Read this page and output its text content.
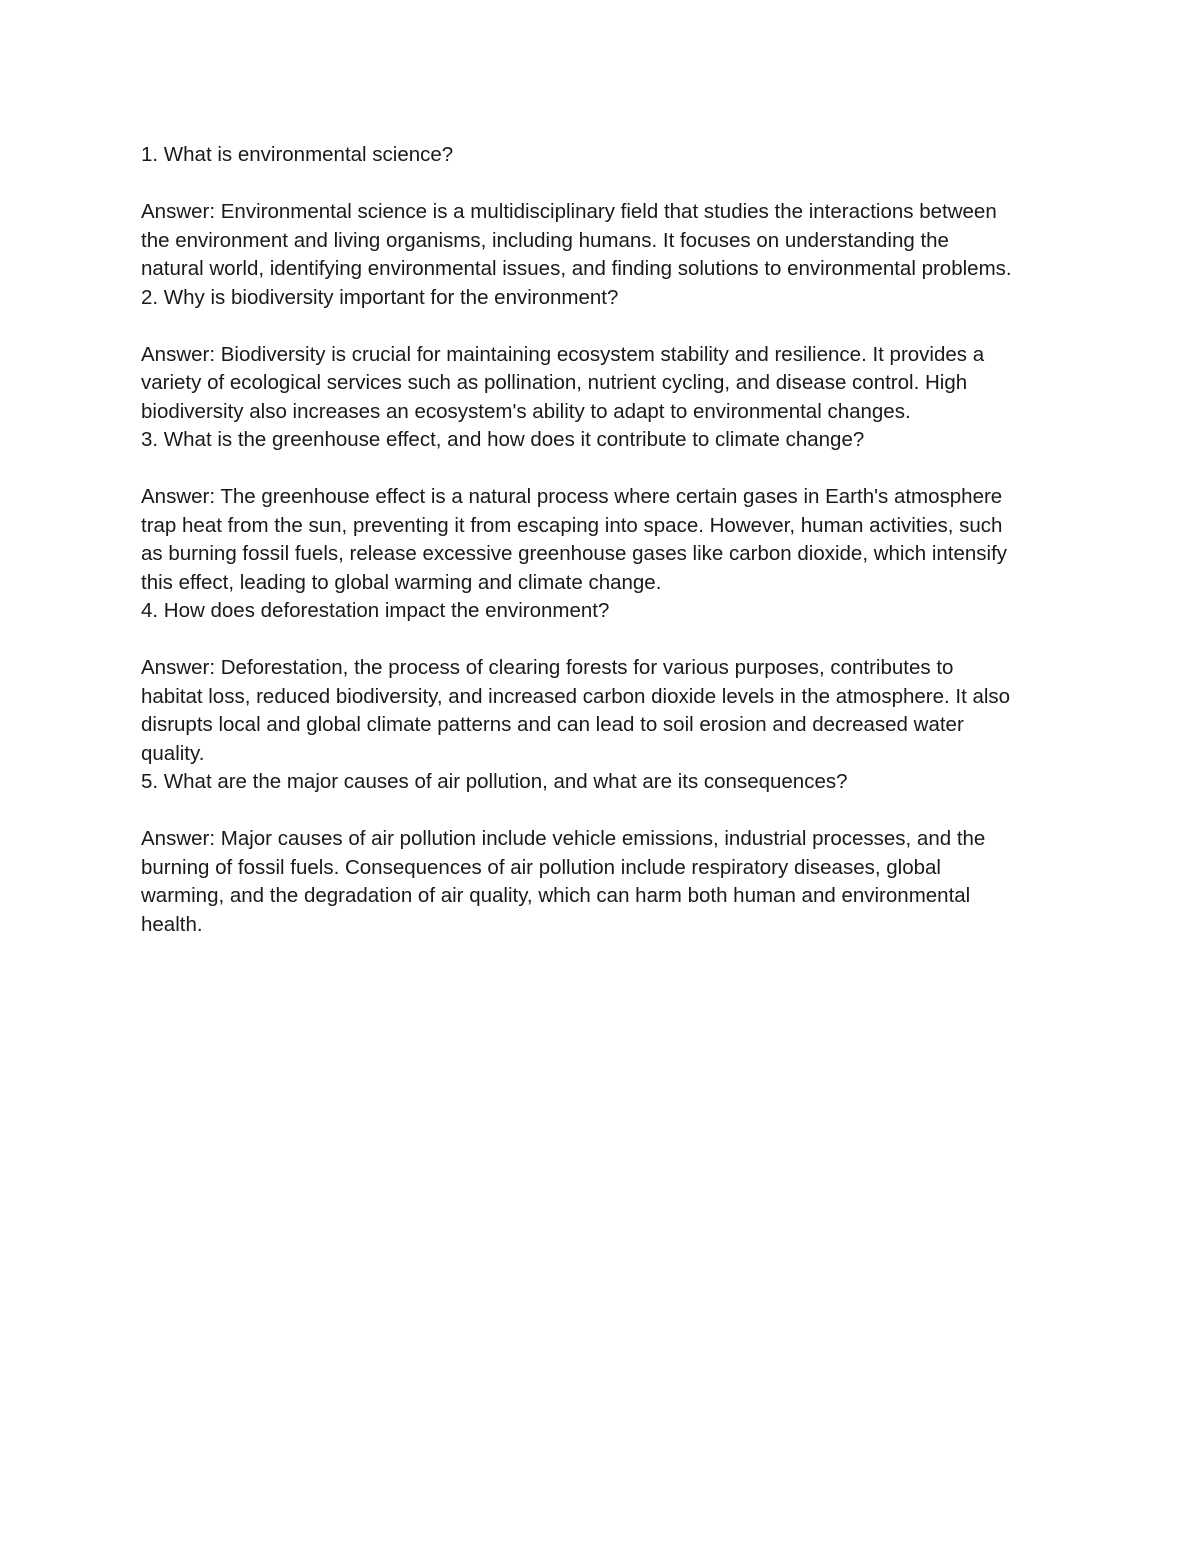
1. What is environmental science?

Answer: Environmental science is a multidisciplinary field that studies the interactions between
the environment and living organisms, including humans. It focuses on understanding the
natural world, identifying environmental issues, and finding solutions to environmental problems.

2. Why is biodiversity important for the environment?

Answer: Biodiversity is crucial for maintaining ecosystem stability and resilience. It provides a
variety of ecological services such as pollination, nutrient cycling, and disease control. High
biodiversity also increases an ecosystem's ability to adapt to environmental changes.

3. What is the greenhouse effect, and how does it contribute to climate change?

Answer: The greenhouse effect is a natural process where certain gases in Earth's atmosphere
trap heat from the sun, preventing it from escaping into space. However, human activities, such
as burning fossil fuels, release excessive greenhouse gases like carbon dioxide, which intensify
this effect, leading to global warming and climate change.

4. How does deforestation impact the environment?

Answer: Deforestation, the process of clearing forests for various purposes, contributes to
habitat loss, reduced biodiversity, and increased carbon dioxide levels in the atmosphere. It also
disrupts local and global climate patterns and can lead to soil erosion and decreased water
quality.

5. What are the major causes of air pollution, and what are its consequences?

Answer: Major causes of air pollution include vehicle emissions, industrial processes, and the
burning of fossil fuels. Consequences of air pollution include respiratory diseases, global
warming, and the degradation of air quality, which can harm both human and environmental
health.
